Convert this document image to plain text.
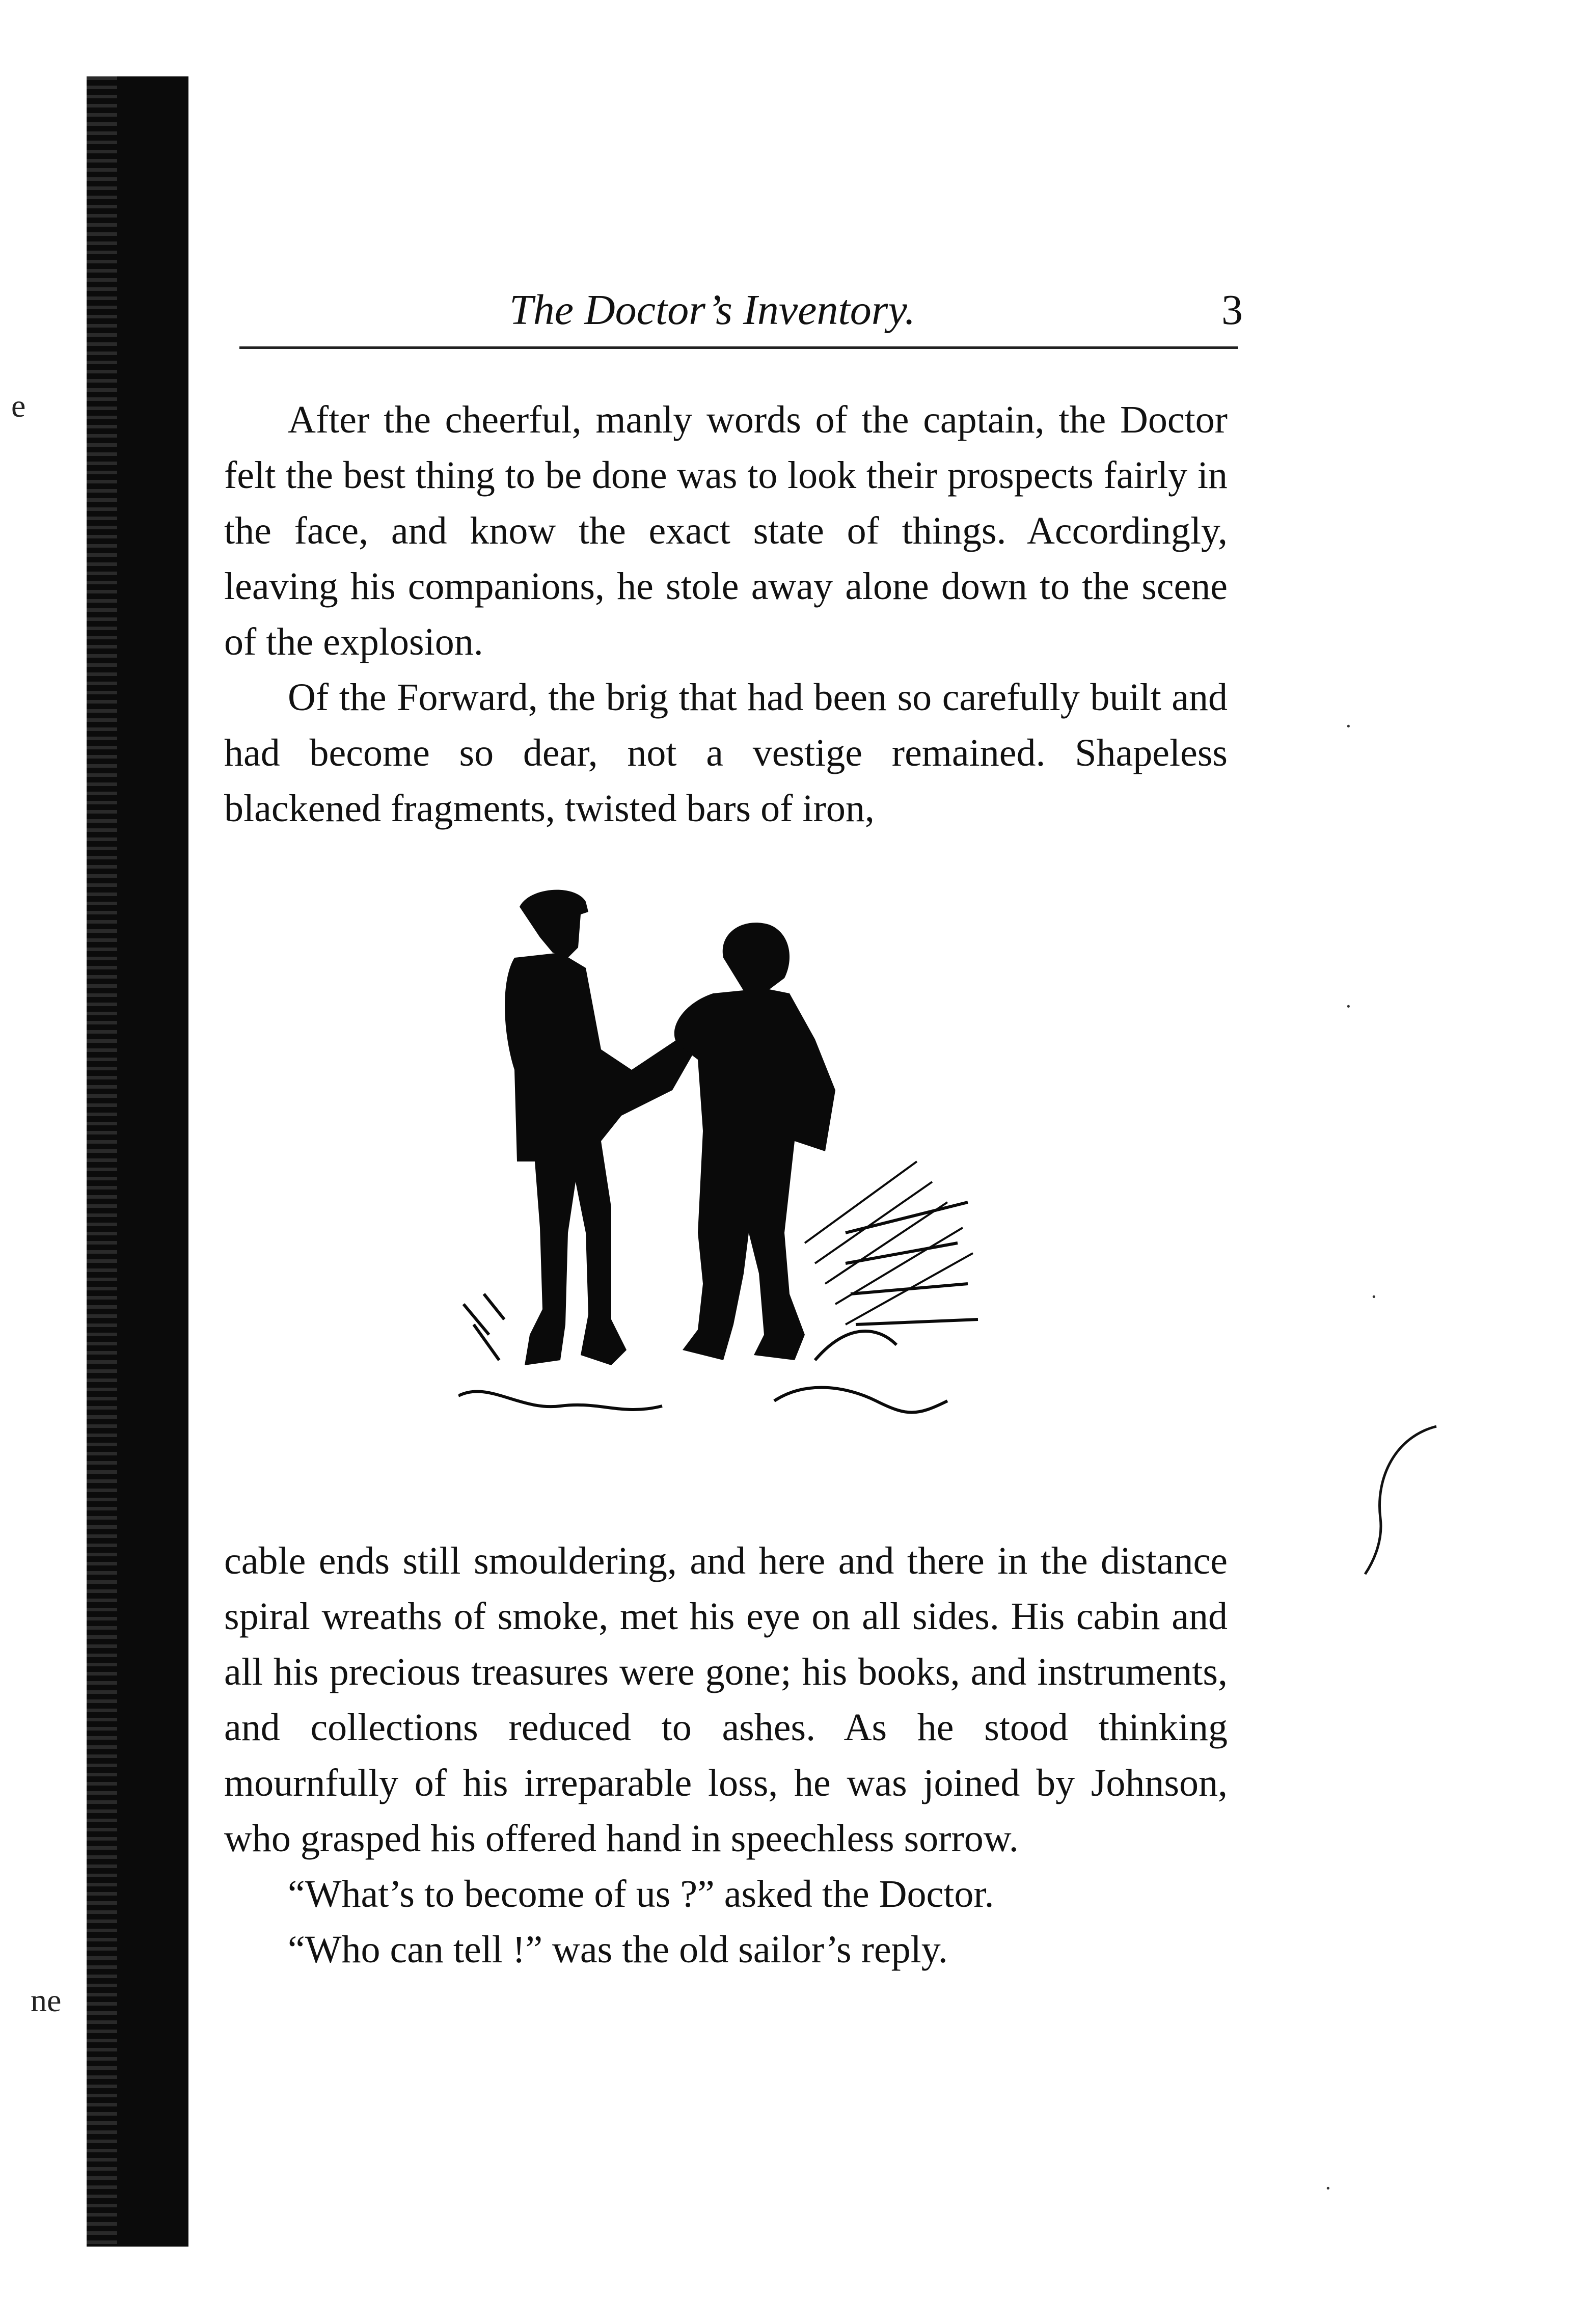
e
ne
The Doctor’s Inventory.	3

After the cheerful, manly words of the captain, the Doctor felt the best thing to be done was to look their prospects fairly in the face, and know the exact state of things. Accordingly, leaving his companions, he stole away alone down to the scene of the explosion.

Of the Forward, the brig that had been so carefully built and had become so dear, not a vestige remained. Shapeless blackened fragments, twisted bars of iron,

cable ends still smouldering, and here and there in the distance spiral wreaths of smoke, met his eye on all sides. His cabin and all his precious treasures were gone; his books, and instruments, and collections reduced to ashes. As he stood thinking mournfully of his irreparable loss, he was joined by Johnson, who grasped his offered hand in speechless sorrow.

“What’s to become of us ?” asked the Doctor.

“Who can tell !” was the old sailor’s reply.

·
·
·
·
